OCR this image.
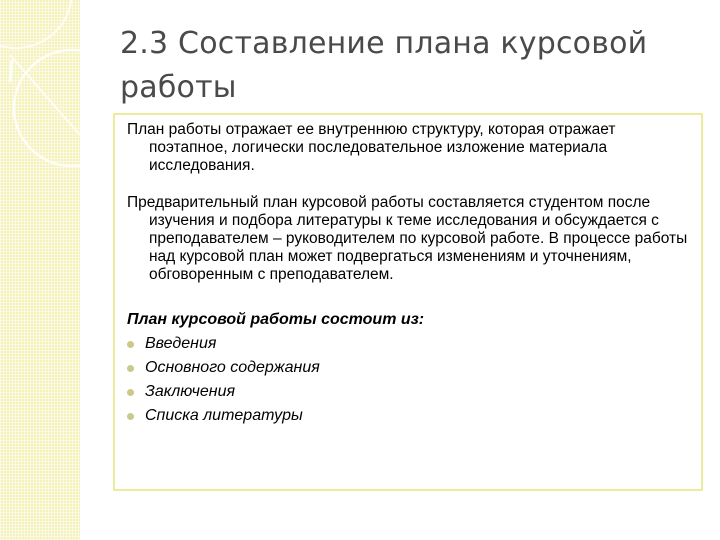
2.3 Составление плана курсовой работы

План работы отражает ее внутреннюю структуру, которая отражает поэтапное, логически последовательное изложение материала исследования.

Предварительный план курсовой работы составляется студентом после изучения и подбора литературы к теме исследования и обсуждается с преподавателем – руководителем по курсовой работе. В процессе работы над курсовой план может подвергаться изменениям и уточнениям, обговоренным с преподавателем.

План курсовой работы состоит из:

Введения
Основного содержания
Заключения
Списка литературы
